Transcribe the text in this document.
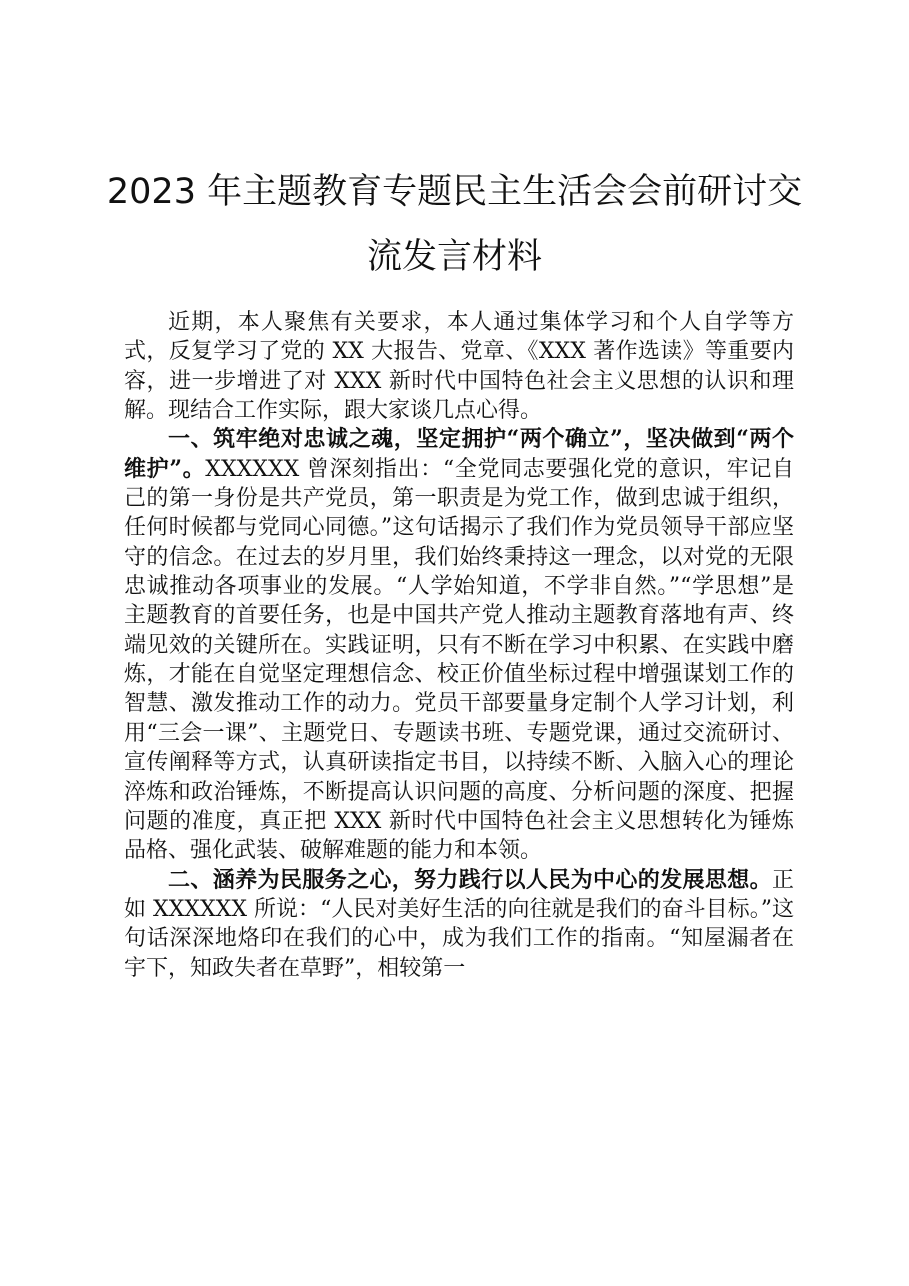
2023 年主题教育专题民主生活会会前研讨交
流发言材料

近期，本人聚焦有关要求，本人通过集体学习和个人自学等方式，反复学习了党的 XX 大报告、党章、《XXX 著作选读》等重要内容，进一步增进了对 XXX 新时代中国特色社会主义思想的认识和理解。现结合工作实际，跟大家谈几点心得。

一、筑牢绝对忠诚之魂，坚定拥护“两个确立”，坚决做到“两个维护”。XXXXXX 曾深刻指出：“全党同志要强化党的意识，牢记自己的第一身份是共产党员，第一职责是为党工作，做到忠诚于组织，任何时候都与党同心同德。”这句话揭示了我们作为党员领导干部应坚守的信念。在过去的岁月里，我们始终秉持这一理念，以对党的无限忠诚推动各项事业的发展。“人学始知道，不学非自然。”“学思想”是主题教育的首要任务，也是中国共产党人推动主题教育落地有声、终端见效的关键所在。实践证明，只有不断在学习中积累、在实践中磨炼，才能在自觉坚定理想信念、校正价值坐标过程中增强谋划工作的智慧、激发推动工作的动力。党员干部要量身定制个人学习计划，利用“三会一课”、主题党日、专题读书班、专题党课，通过交流研讨、宣传阐释等方式，认真研读指定书目，以持续不断、入脑入心的理论淬炼和政治锤炼，不断提高认识问题的高度、分析问题的深度、把握问题的准度，真正把 XXX 新时代中国特色社会主义思想转化为锤炼品格、强化武装、破解难题的能力和本领。

二、涵养为民服务之心，努力践行以人民为中心的发展思想。正如 XXXXXX 所说：“人民对美好生活的向往就是我们的奋斗目标。”这句话深深地烙印在我们的心中，成为我们工作的指南。“知屋漏者在宇下，知政失者在草野”，相较第一
